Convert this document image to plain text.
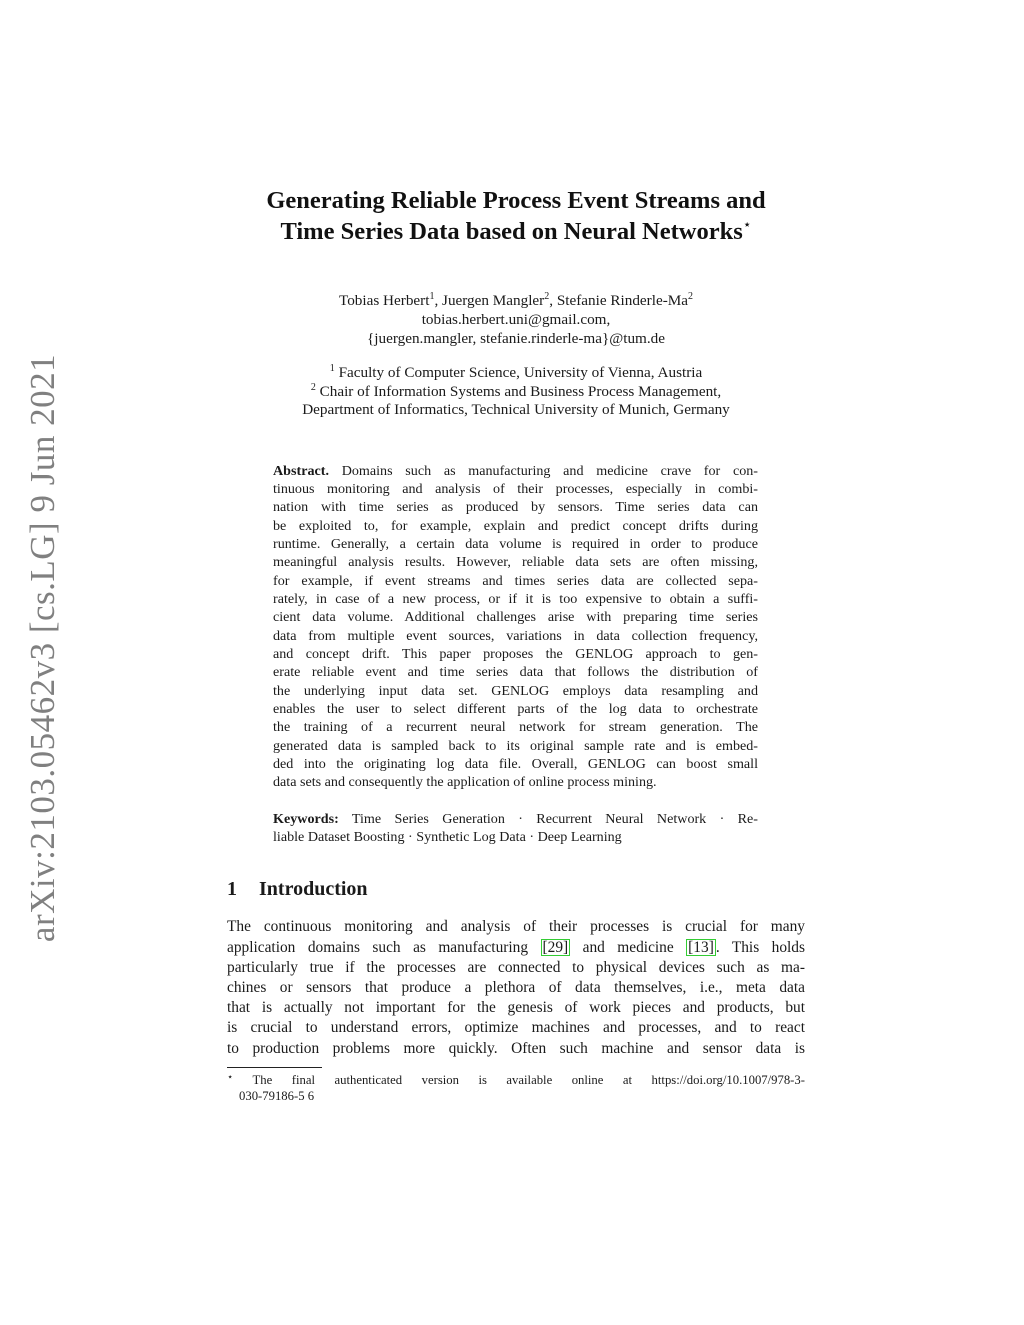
arXiv:2103.05462v3 [cs.LG] 9 Jun 2021
Generating Reliable Process Event Streams and
Time Series Data based on Neural Networks⋆
Tobias Herbert$^1$, Juergen Mangler$^2$, Stefanie Rinderle-Ma$^2$
tobias.herbert.uni@gmail.com,
{juergen.mangler, stefanie.rinderle-ma}@tum.de
$^1$ Faculty of Computer Science, University of Vienna, Austria
$^2$ Chair of Information Systems and Business Process Management,
Department of Informatics, Technical University of Munich, Germany
Abstract. Domains such as manufacturing and medicine crave for con-
tinuous monitoring and analysis of their processes, especially in combi-
nation with time series as produced by sensors. Time series data can
be exploited to, for example, explain and predict concept drifts during
runtime. Generally, a certain data volume is required in order to produce
meaningful analysis results. However, reliable data sets are often missing,
for example, if event streams and times series data are collected sepa-
rately, in case of a new process, or if it is too expensive to obtain a suffi-
cient data volume. Additional challenges arise with preparing time series
data from multiple event sources, variations in data collection frequency,
and concept drift. This paper proposes the GENLOG approach to gen-
erate reliable event and time series data that follows the distribution of
the underlying input data set. GENLOG employs data resampling and
enables the user to select different parts of the log data to orchestrate
the training of a recurrent neural network for stream generation. The
generated data is sampled back to its original sample rate and is embed-
ded into the originating log data file. Overall, GENLOG can boost small
data sets and consequently the application of online process mining.
Keywords: Time Series Generation · Recurrent Neural Network · Re-
liable Dataset Boosting · Synthetic Log Data · Deep Learning
1 Introduction
The continuous monitoring and analysis of their processes is crucial for many
application domains such as manufacturing [29] and medicine [13] . This holds
particularly true if the processes are connected to physical devices such as ma-
chines or sensors that produce a plethora of data themselves, i.e., meta data
that is actually not important for the genesis of work pieces and products, but
is crucial to understand errors, optimize machines and processes, and to react
to production problems more quickly. Often such machine and sensor data is
⋆ The final authenticated version is available online at https://doi.org/10.1007/978-3-
030-79186-5 6
